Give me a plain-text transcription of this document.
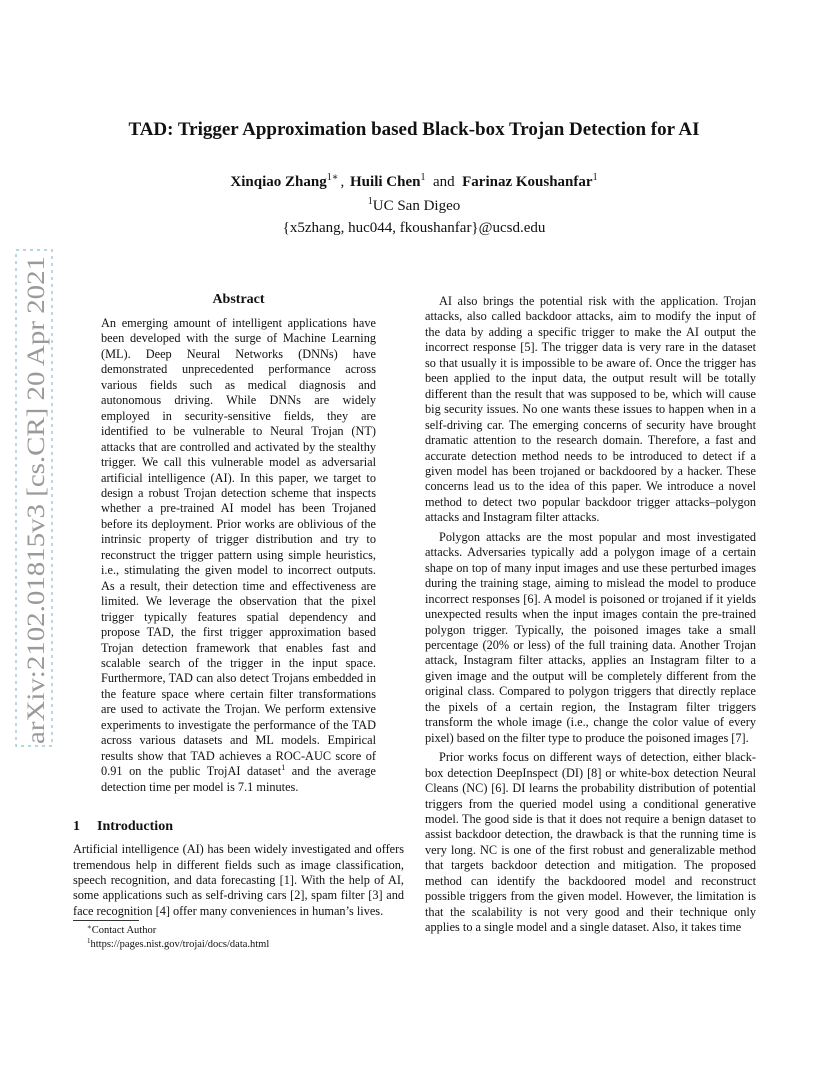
arXiv:2102.01815v3 [cs.CR] 20 Apr 2021
TAD: Trigger Approximation based Black-box Trojan Detection for AI
Xinqiao Zhang$^{1∗}$ , Huili Chen$^1$ and Farinaz Koushanfar$^1$
$^1$UC San Digeo
{x5zhang, huc044, fkoushanfar}@ucsd.edu
Abstract
An emerging amount of intelligent applications have been developed with the surge of Machine Learning (ML). Deep Neural Networks (DNNs) have demonstrated unprecedented performance across various fields such as medical diagnosis and autonomous driving. While DNNs are widely employed in security-sensitive fields, they are identified to be vulnerable to Neural Trojan (NT) attacks that are controlled and activated by the stealthy trigger. We call this vulnerable model as adversarial artificial intelligence (AI). In this paper, we target to design a robust Trojan detection scheme that inspects whether a pre-trained AI model has been Trojaned before its deployment. Prior works are oblivious of the intrinsic property of trigger distribution and try to reconstruct the trigger pattern using simple heuristics, i.e., stimulating the given model to incorrect outputs. As a result, their detection time and effectiveness are limited. We leverage the observation that the pixel trigger typically features spatial dependency and propose TAD, the first trigger approximation based Trojan detection framework that enables fast and scalable search of the trigger in the input space. Furthermore, TAD can also detect Trojans embedded in the feature space where certain filter transformations are used to activate the Trojan. We perform extensive experiments to investigate the performance of the TAD across various datasets and ML models. Empirical results show that TAD achieves a ROC-AUC score of 0.91 on the public TrojAI dataset$^1$ and the average detection time per model is 7.1 minutes.
1 Introduction

Artificial intelligence (AI) has been widely investigated and offers tremendous help in different fields such as image classification, speech recognition, and data forecasting [1]. With the help of AI, some applications such as self-driving cars [2], spam filter [3] and face recognition [4] offer many conveniences in human’s lives.

∗Contact Author
$^1$https://pages.nist.gov/trojai/docs/data.html

AI also brings the potential risk with the application. Trojan attacks, also called backdoor attacks, aim to modify the input of the data by adding a specific trigger to make the AI output the incorrect response [5]. The trigger data is very rare in the dataset so that usually it is impossible to be aware of. Once the trigger has been applied to the input data, the output result will be totally different than the result that was supposed to be, which will cause big security issues. No one wants these issues to happen when in a self-driving car. The emerging concerns of security have brought dramatic attention to the research domain. Therefore, a fast and accurate detection method needs to be introduced to detect if a given model has been trojaned or backdoored by a hacker. These concerns lead us to the idea of this paper. We introduce a novel method to detect two popular backdoor trigger attacks–polygon attacks and Instagram filter attacks.

Polygon attacks are the most popular and most investigated attacks. Adversaries typically add a polygon image of a certain shape on top of many input images and use these perturbed images during the training stage, aiming to mislead the model to produce incorrect responses [6]. A model is poisoned or trojaned if it yields unexpected results when the input images contain the pre-trained polygon trigger. Typically, the poisoned images take a small percentage (20% or less) of the full training data. Another Trojan attack, Instagram filter attacks, applies an Instagram filter to a given image and the output will be completely different from the original class. Compared to polygon triggers that directly replace the pixels of a certain region, the Instagram filter triggers transform the whole image (i.e., change the color value of every pixel) based on the filter type to produce the poisoned images [7].

Prior works focus on different ways of detection, either black-box detection DeepInspect (DI) [8] or white-box detection Neural Cleans (NC) [6]. DI learns the probability distribution of potential triggers from the queried model using a conditional generative model. The good side is that it does not require a benign dataset to assist backdoor detection, the drawback is that the running time is very long. NC is one of the first robust and generalizable method that targets backdoor detection and mitigation. The proposed method can identify the backdoored model and reconstruct possible triggers from the given model. However, the limitation is that the scalability is not very good and their technique only applies to a single model and a single dataset. Also, it takes time
